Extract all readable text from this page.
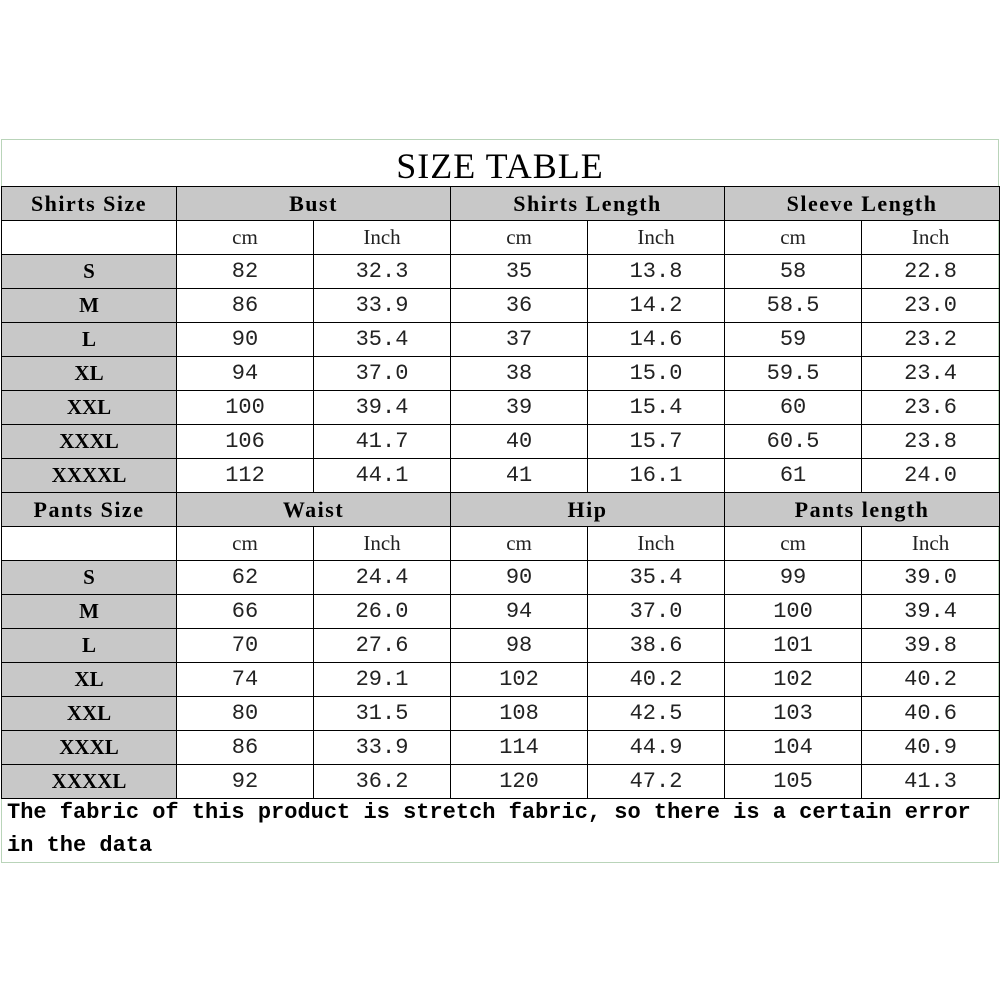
SIZE TABLE
Shirts Size	Bust		Shirts Length		Sleeve Length	
	cm	Inch	cm	Inch	cm	Inch
S	82	32.3	35	13.8	58	22.8
M	86	33.9	36	14.2	58.5	23.0
L	90	35.4	37	14.6	59	23.2
XL	94	37.0	38	15.0	59.5	23.4
XXL	100	39.4	39	15.4	60	23.6
XXXL	106	41.7	40	15.7	60.5	23.8
XXXXL	112	44.1	41	16.1	61	24.0
Pants Size	Waist		Hip		Pants length	
	cm	Inch	cm	Inch	cm	Inch
S	62	24.4	90	35.4	99	39.0
M	66	26.0	94	37.0	100	39.4
L	70	27.6	98	38.6	101	39.8
XL	74	29.1	102	40.2	102	40.2
XXL	80	31.5	108	42.5	103	40.6
XXXL	86	33.9	114	44.9	104	40.9
XXXXL	92	36.2	120	47.2	105	41.3
The fabric of this product is stretch fabric, so there is a certain error in the data
